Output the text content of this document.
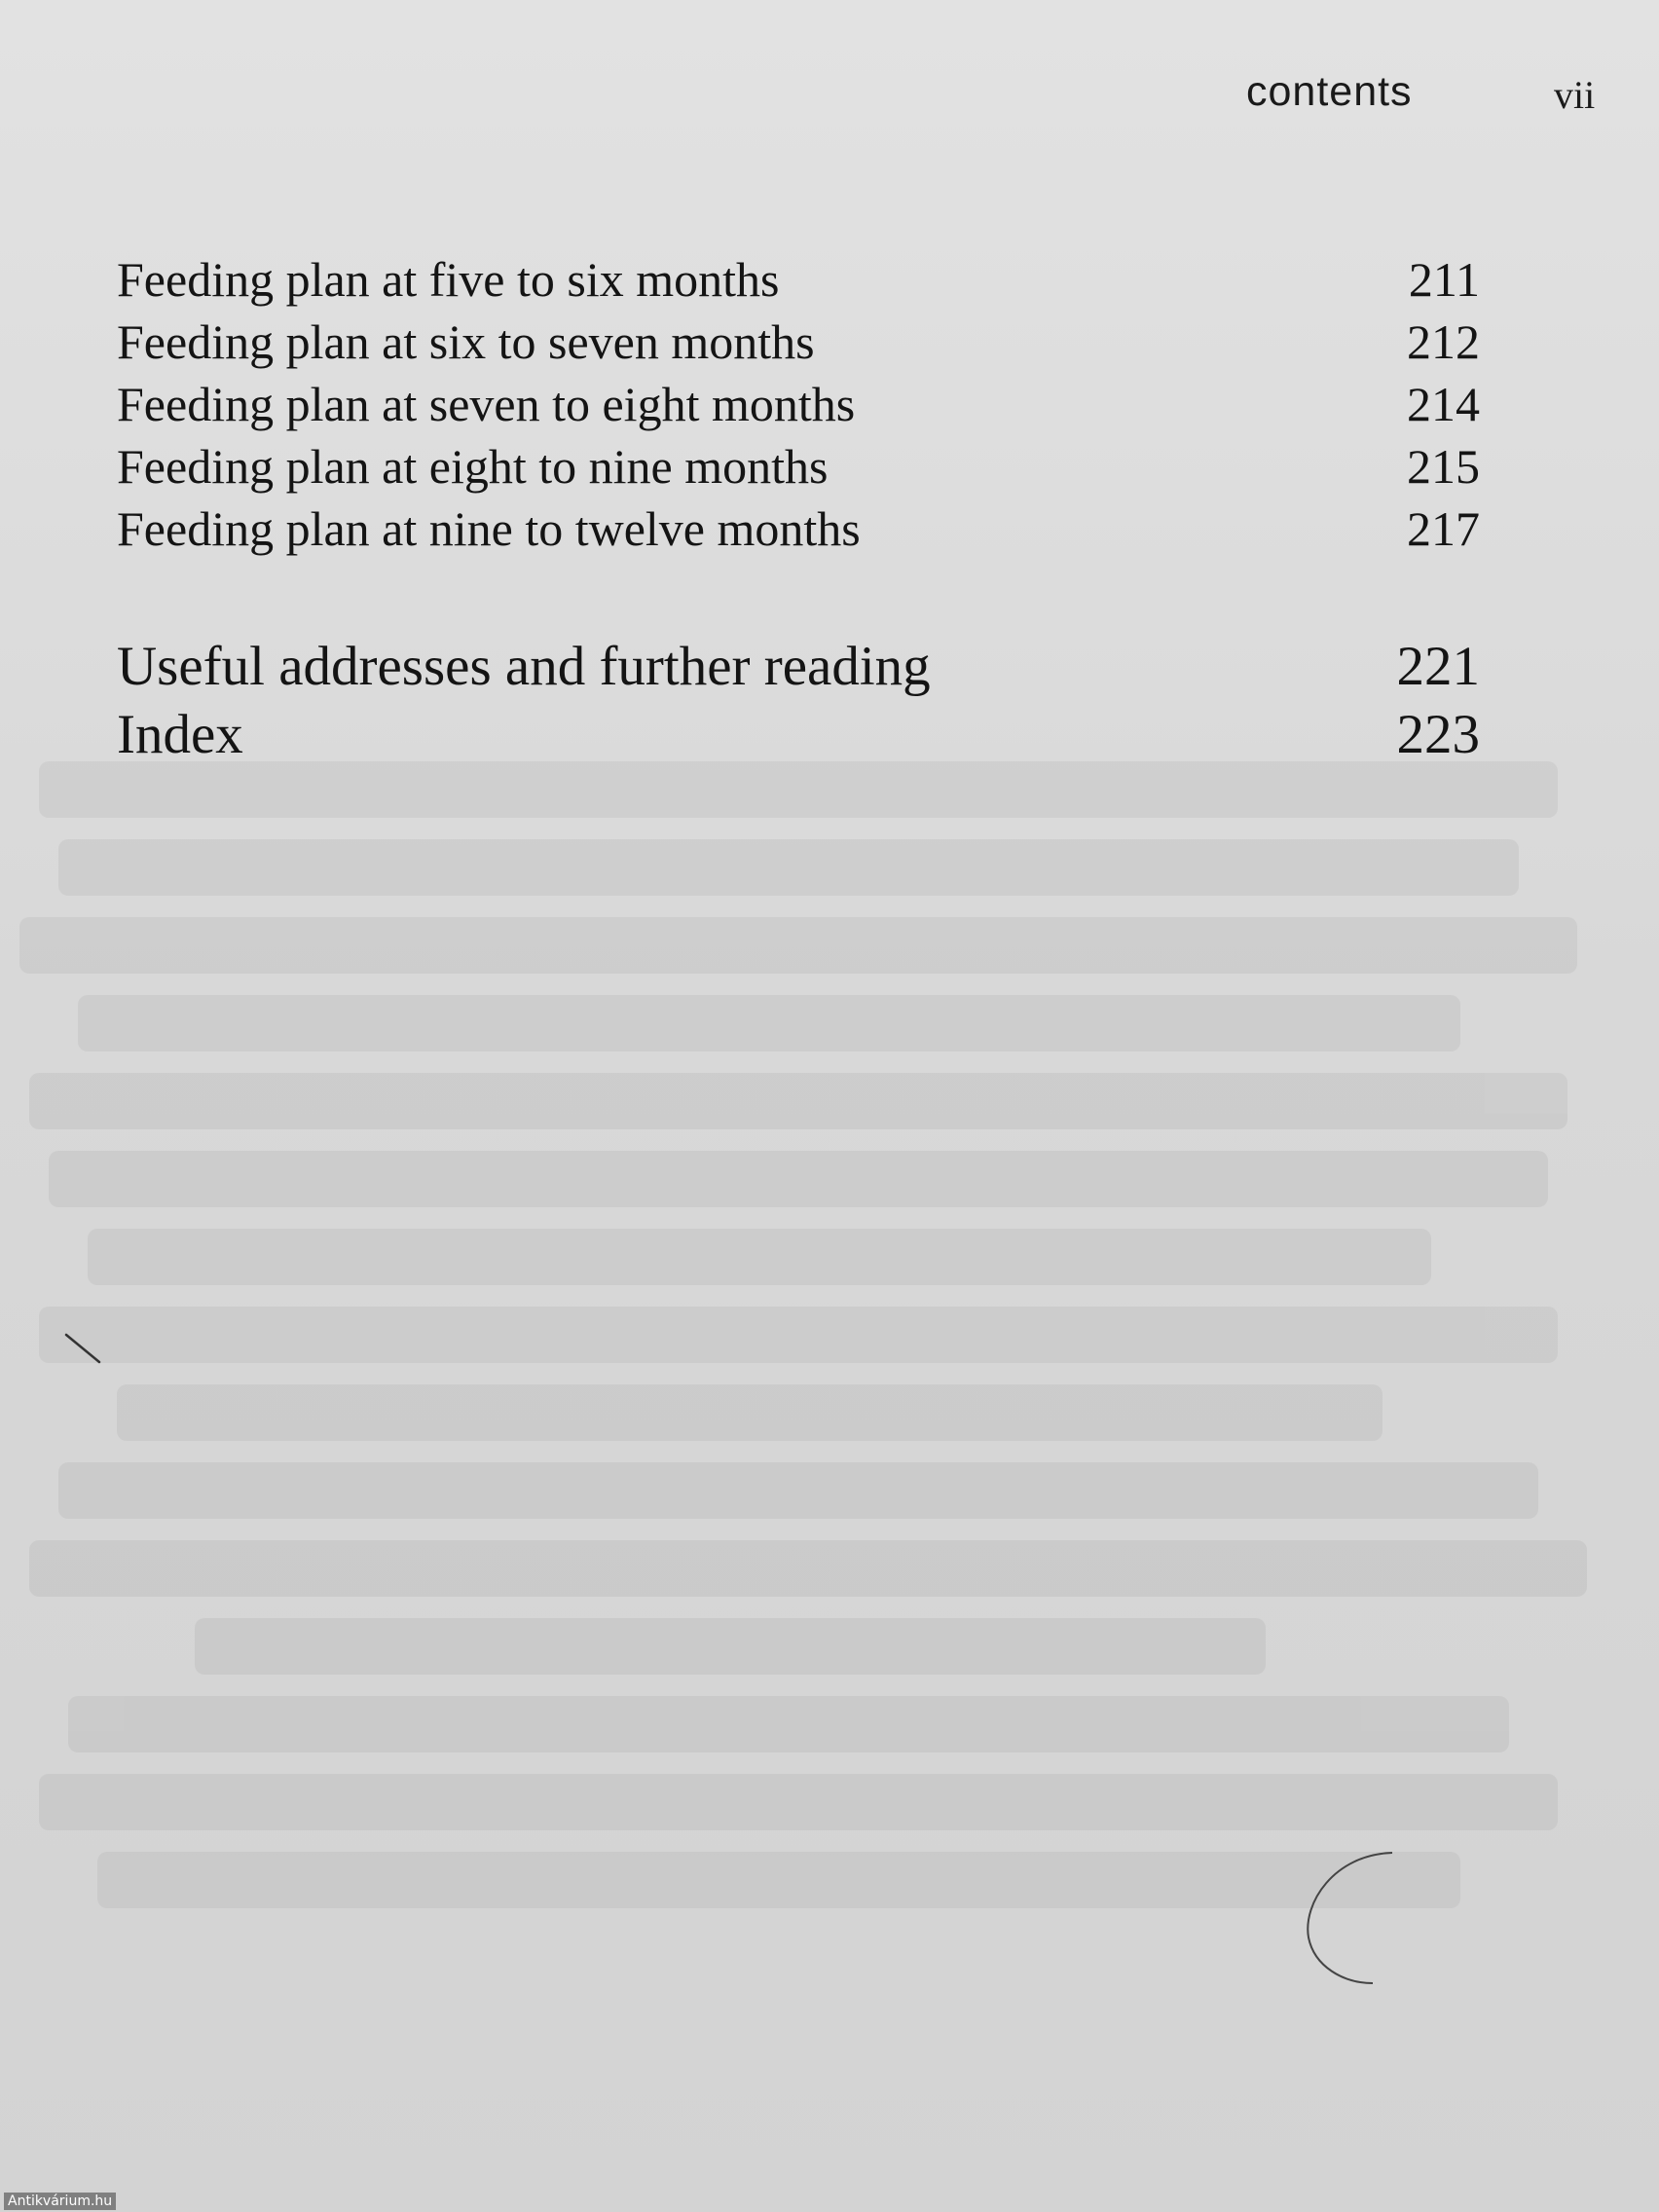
contents	vii
Feeding plan at five to six months	211
Feeding plan at six to seven months	212
Feeding plan at seven to eight months	214
Feeding plan at eight to nine months	215
Feeding plan at nine to twelve months	217
Useful addresses and further reading	221
Index	223
Antikvárium.hu
